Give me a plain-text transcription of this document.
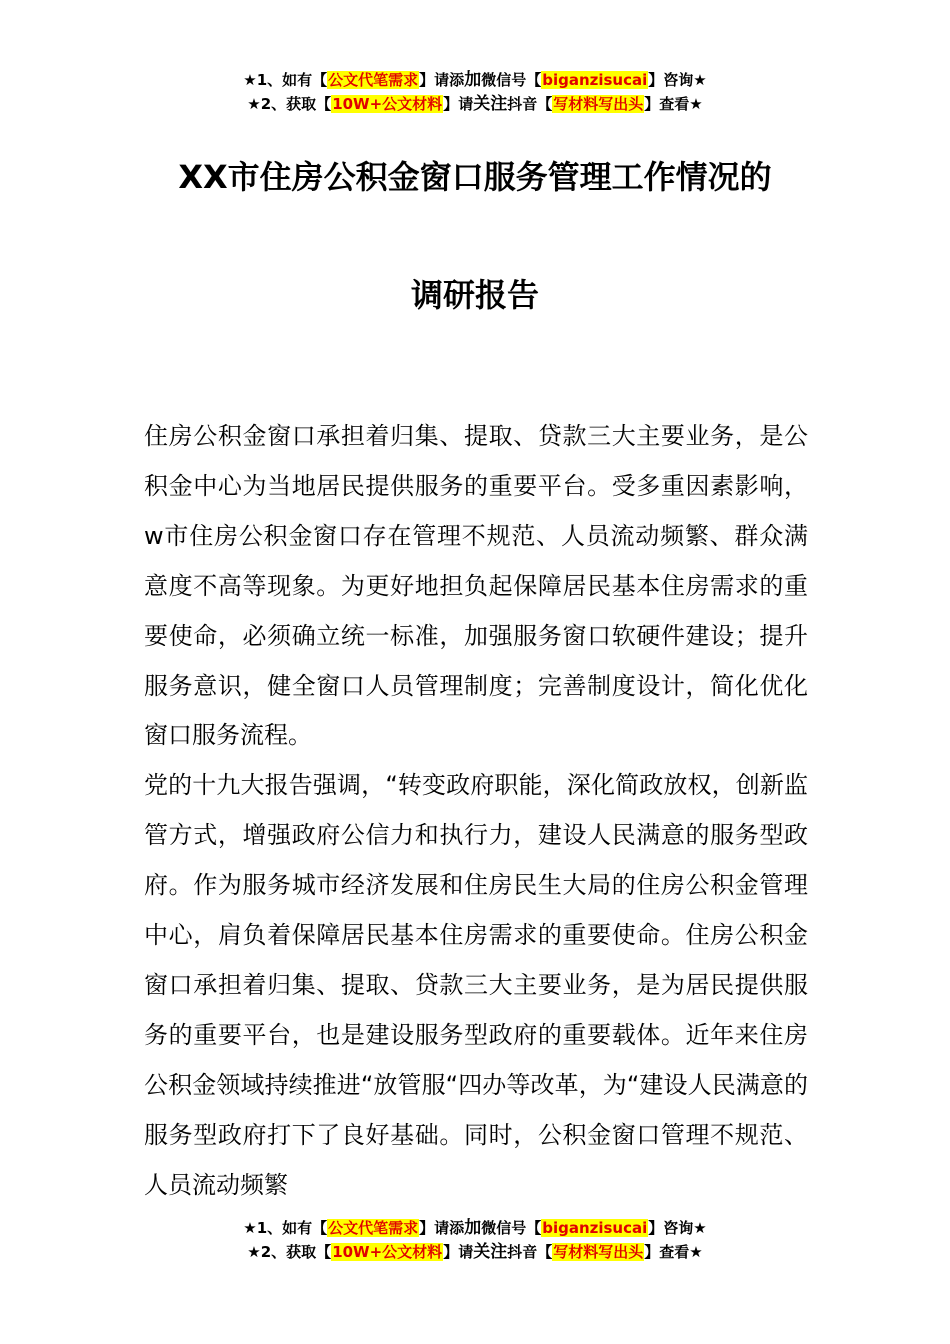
★1、如有【公文代笔需求】请添加微信号【biganzisucai】咨询★
★2、获取【10W+公文材料】请关注抖音【写材料写出头】查看★
XX市住房公积金窗口服务管理工作情况的
调研报告

住房公积金窗口承担着归集、提取、贷款三大主要业务，是公积金中心为当地居民提供服务的重要平台。受多重因素影响，w市住房公积金窗口存在管理不规范、人员流动频繁、群众满意度不高等现象。为更好地担负起保障居民基本住房需求的重要使命，必须确立统一标准，加强服务窗口软硬件建设；提升服务意识，健全窗口人员管理制度；完善制度设计，简化优化窗口服务流程。

党的十九大报告强调，“转变政府职能，深化简政放权，创新监管方式，增强政府公信力和执行力，建设人民满意的服务型政府。作为服务城市经济发展和住房民生大局的住房公积金管理中心，肩负着保障居民基本住房需求的重要使命。住房公积金窗口承担着归集、提取、贷款三大主要业务，是为居民提供服务的重要平台，也是建设服务型政府的重要载体。近年来住房公积金领域持续推进“放管服“四办等改革，为“建设人民满意的服务型政府打下了良好基础。同时，公积金窗口管理不规范、人员流动频繁

★1、如有【公文代笔需求】请添加微信号【biganzisucai】咨询★
★2、获取【10W+公文材料】请关注抖音【写材料写出头】查看★
